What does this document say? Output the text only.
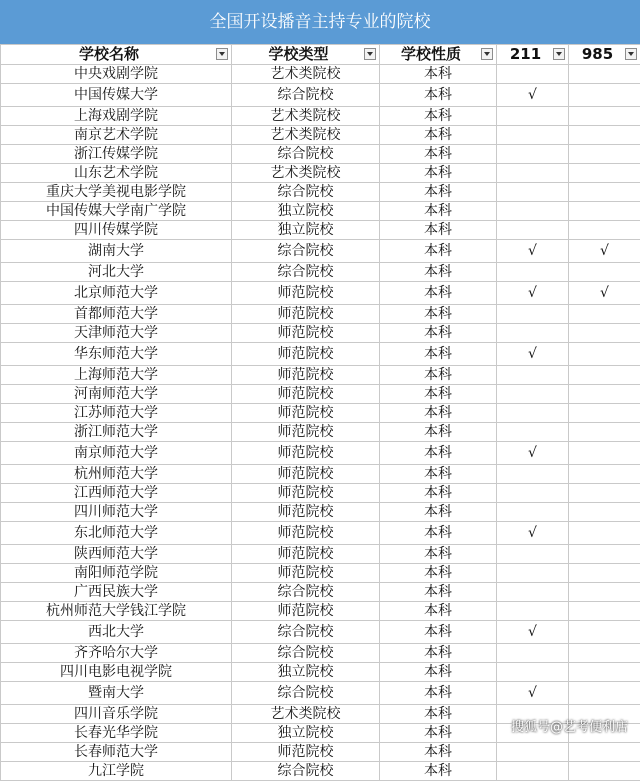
全国开设播音主持专业的院校
学校名称	学校类型	学校性质	211	985

中央戏剧学院	艺术类院校	本科		
中国传媒大学	综合院校	本科	√	
上海戏剧学院	艺术类院校	本科		
南京艺术学院	艺术类院校	本科		
浙江传媒学院	综合院校	本科		
山东艺术学院	艺术类院校	本科		
重庆大学美视电影学院	综合院校	本科		
中国传媒大学南广学院	独立院校	本科		
四川传媒学院	独立院校	本科		
湖南大学	综合院校	本科	√	√
河北大学	综合院校	本科		
北京师范大学	师范院校	本科	√	√
首都师范大学	师范院校	本科		
天津师范大学	师范院校	本科		
华东师范大学	师范院校	本科	√	
上海师范大学	师范院校	本科		
河南师范大学	师范院校	本科		
江苏师范大学	师范院校	本科		
浙江师范大学	师范院校	本科		
南京师范大学	师范院校	本科	√	
杭州师范大学	师范院校	本科		
江西师范大学	师范院校	本科		
四川师范大学	师范院校	本科		
东北师范大学	师范院校	本科	√	
陕西师范大学	师范院校	本科		
南阳师范学院	师范院校	本科		
广西民族大学	综合院校	本科		
杭州师范大学钱江学院	师范院校	本科		
西北大学	综合院校	本科	√	
齐齐哈尔大学	综合院校	本科		
四川电影电视学院	独立院校	本科		
暨南大学	综合院校	本科	√	
四川音乐学院	艺术类院校	本科		
长春光华学院	独立院校	本科		
长春师范大学	师范院校	本科		
九江学院	综合院校	本科		
搜狐号@艺考便利店
